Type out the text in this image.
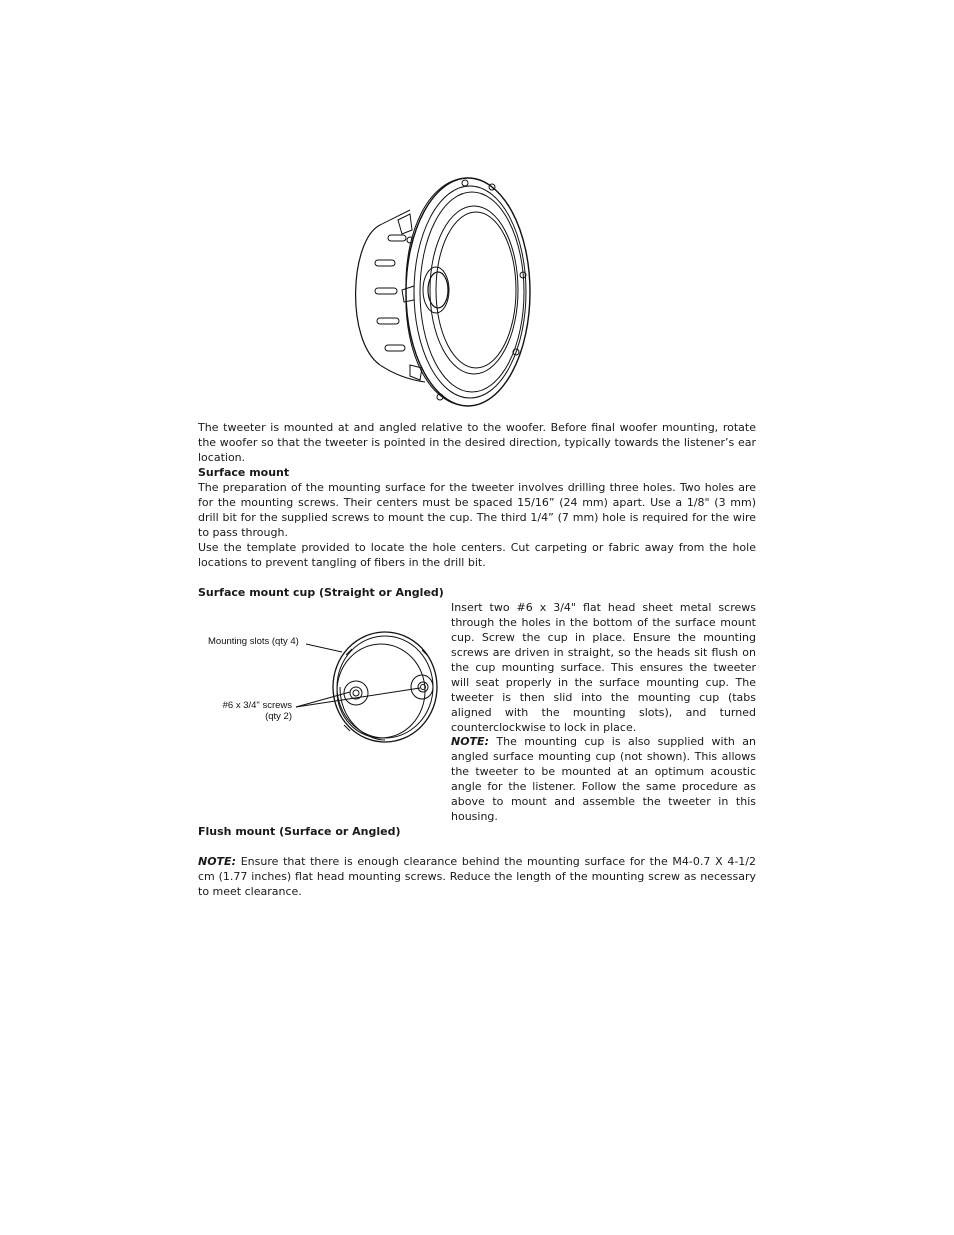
The tweeter is mounted at and angled relative to the woofer. Before final woofer mounting, rotate the woofer so that the tweeter is pointed in the desired direction, typically towards the listener’s ear location.

Surface mount

The preparation of the mounting surface for the tweeter involves drilling three holes. Two holes are for the mounting screws. Their centers must be spaced 15/16” (24 mm) apart. Use a 1/8" (3 mm) drill bit for the supplied screws to mount the cup. The third 1/4” (7 mm) hole is required for the wire to pass through.

Use the template provided to locate the hole centers. Cut carpeting or fabric away from the hole locations to prevent tangling of fibers in the drill bit.

Surface mount cup (Straight or Angled)

Mounting slots (qty 4)
#6 x 3/4" screws
(qty 2)

Insert two #6 x 3/4" flat head sheet metal screws through the holes in the bottom of the surface mount cup. Screw the cup in place. Ensure the mounting screws are driven in straight, so the heads sit flush on the cup mounting surface. This ensures the tweeter will seat properly in the surface mounting cup. The tweeter is then slid into the mounting cup (tabs aligned with the mounting slots), and turned counterclockwise to lock in place.

NOTE: The mounting cup is also supplied with an angled surface mounting cup (not shown). This allows the tweeter to be mounted at an optimum acoustic angle for the listener. Follow the same procedure as above to mount and assemble the tweeter in this housing.

Flush mount (Surface or Angled)

NOTE: Ensure that there is enough clearance behind the mounting surface for the M4-0.7 X 4-1/2 cm (1.77 inches) flat head mounting screws. Reduce the length of the mounting screw as necessary to meet clearance.
